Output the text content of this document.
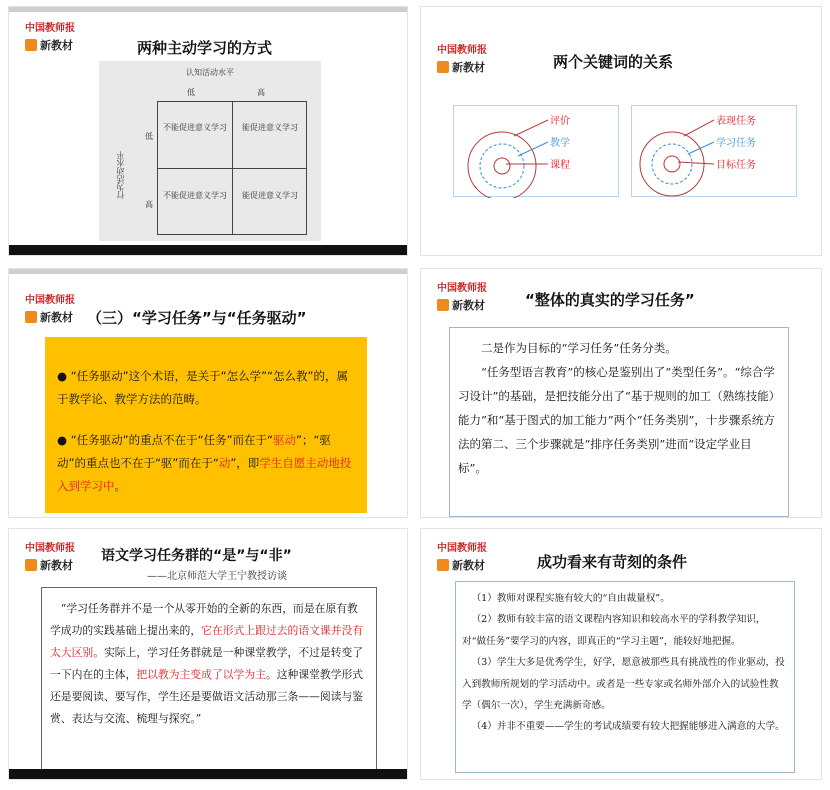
中国教师报
新教材	两种主动学习的方式
认知活动水平
低	高
行为活动水平
低
高
不能促进意义学习	能促进意义学习
不能促进意义学习	能促进意义学习
中国教师报
新教材	两个关键词的关系
评价
教学
课程
表现任务
学习任务
目标任务
中国教师报
新教材 （三）“学习任务”与“任务驱动”

● “任务驱动”这个术语，是关于“怎么学”“怎么教”的，属于教学论、教学方法的范畴。

● “任务驱动”的重点不在于“任务”而在于“驱动”；“驱动”的重点也不在于“驱”而在于“动”，即学生自愿主动地投入到学习中。

中国教师报
新教材	“整体的真实的学习任务”

二是作为目标的“学习任务”任务分类。

“任务型语言教育”的核心是鉴别出了“类型任务”。“综合学习设计”的基础，是把技能分出了“基于规则的加工（熟练技能）能力”和“基于图式的加工能力”两个“任务类别”，十步骤系统方法的第二、三个步骤就是“排序任务类别”进而“设定学业目标”。

中国教师报
新教材
语文学习任务群的“是”与“非”
——北京师范大学王宁教授访谈

“学习任务群并不是一个从零开始的全新的东西，而是在原有教学成功的实践基础上提出来的，它在形式上跟过去的语文课并没有太大区别。实际上，学习任务群就是一种课堂教学，不过是转变了一下内在的主体，把以教为主变成了以学为主。这种课堂教学形式还是要阅读、要写作，学生还是要做语文活动那三条——阅读与鉴赏、表达与交流、梳理与探究。”

中国教师报
新教材	成功看来有苛刻的条件

（1）教师对课程实施有较大的“自由裁量权”。

（2）教师有较丰富的语文课程内容知识和较高水平的学科教学知识，对“做任务”要学习的内容，即真正的“学习主题”，能较好地把握。

（3）学生大多是优秀学生，好学，愿意被那些具有挑战性的作业驱动，投入到教师所规划的学习活动中。或者是一些专家或名师外部介入的试验性教学（偶尔一次），学生充满新奇感。

（4）并非不重要——学生的考试成绩要有较大把握能够进入满意的大学。
